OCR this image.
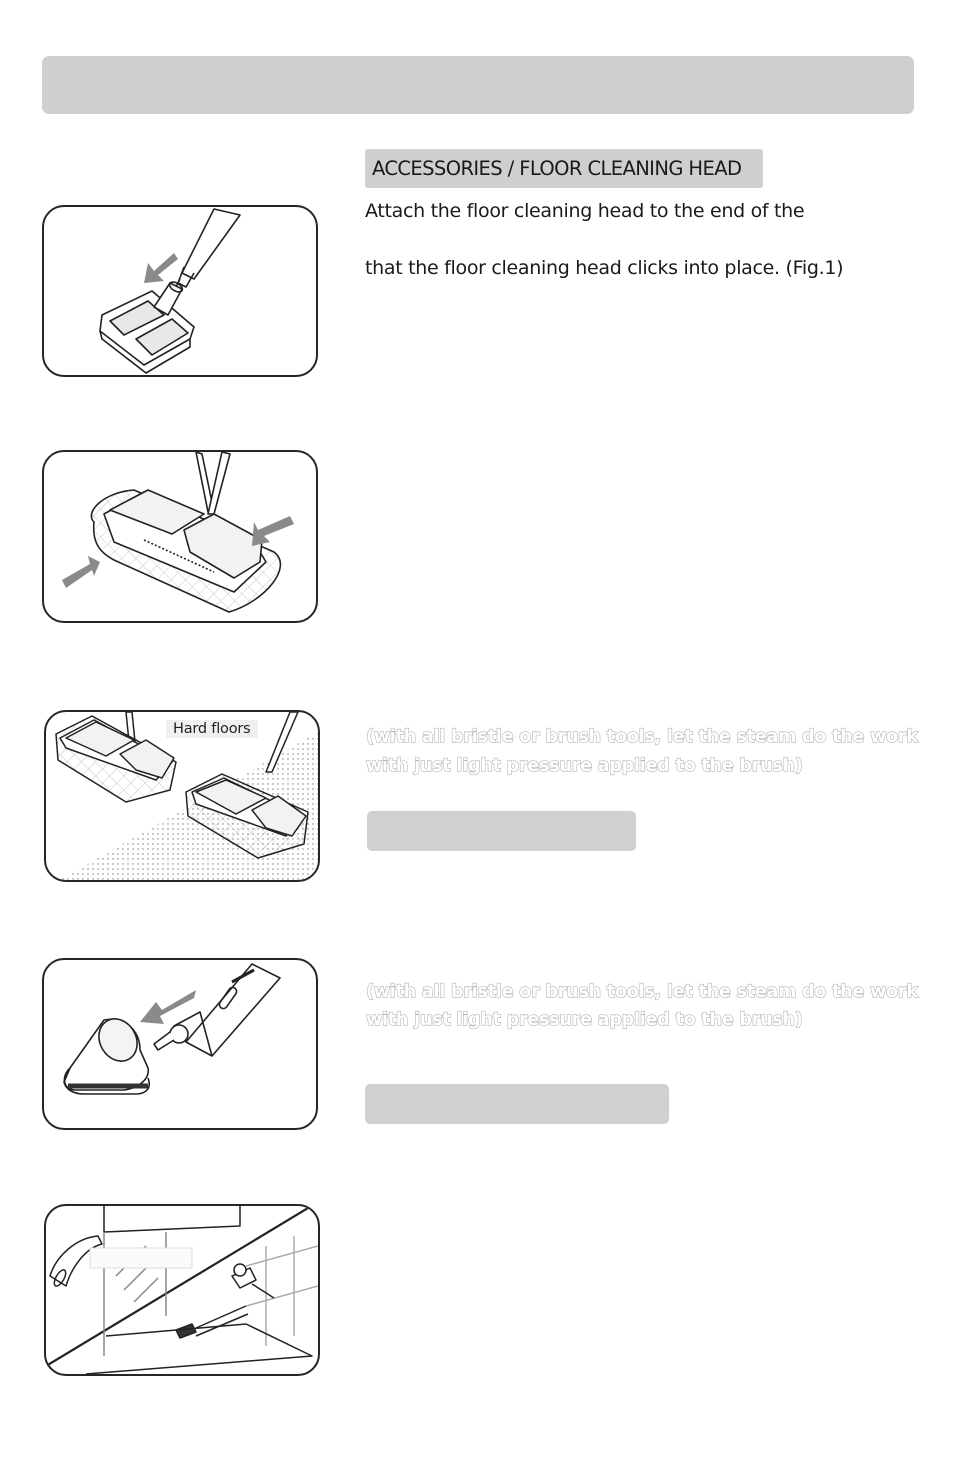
ACCESSORIES / FLOOR CLEANING HEAD
Attach the floor cleaning head to the end of the
that the floor cleaning head clicks into place. (Fig.1)
Hard floors	(with all bristle or brush tools, let the steam do the work
with just light pressure applied to the brush)
(with all bristle or brush tools, let the steam do the work
with just light pressure applied to the brush)
